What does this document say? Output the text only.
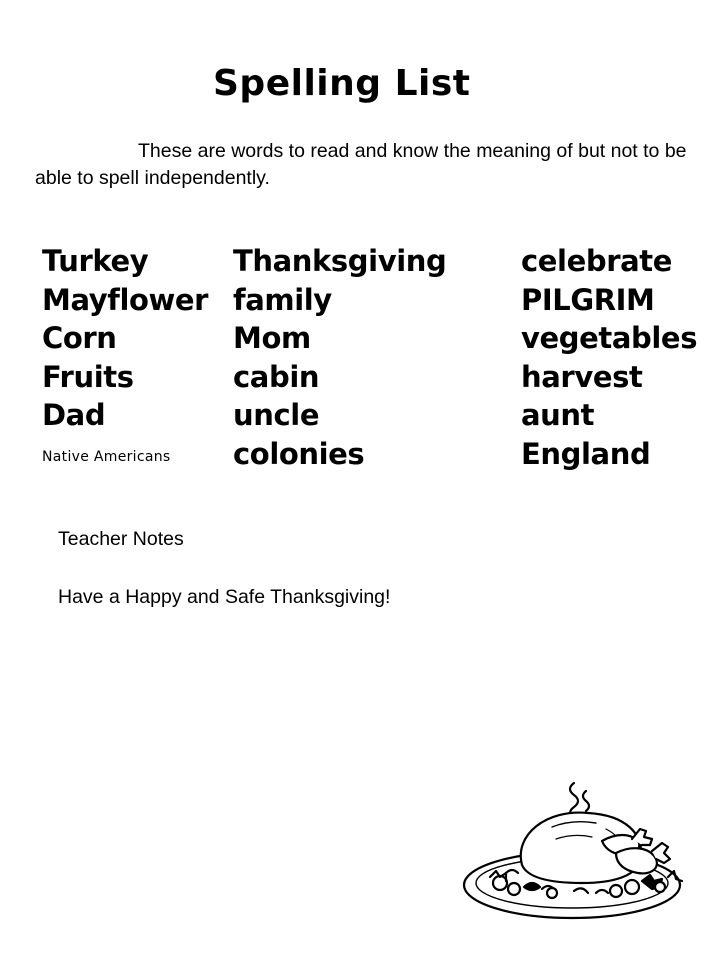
Spelling List
These are words to read and know the meaning of but not to be able to spell independently.
Turkey
Mayflower
Corn
Fruits
Dad
Native Americans
Thanksgiving
family
Mom
cabin
uncle
colonies
celebrate
PILGRIM
vegetables
harvest
aunt
England
Teacher Notes
Have a Happy and Safe Thanksgiving!
